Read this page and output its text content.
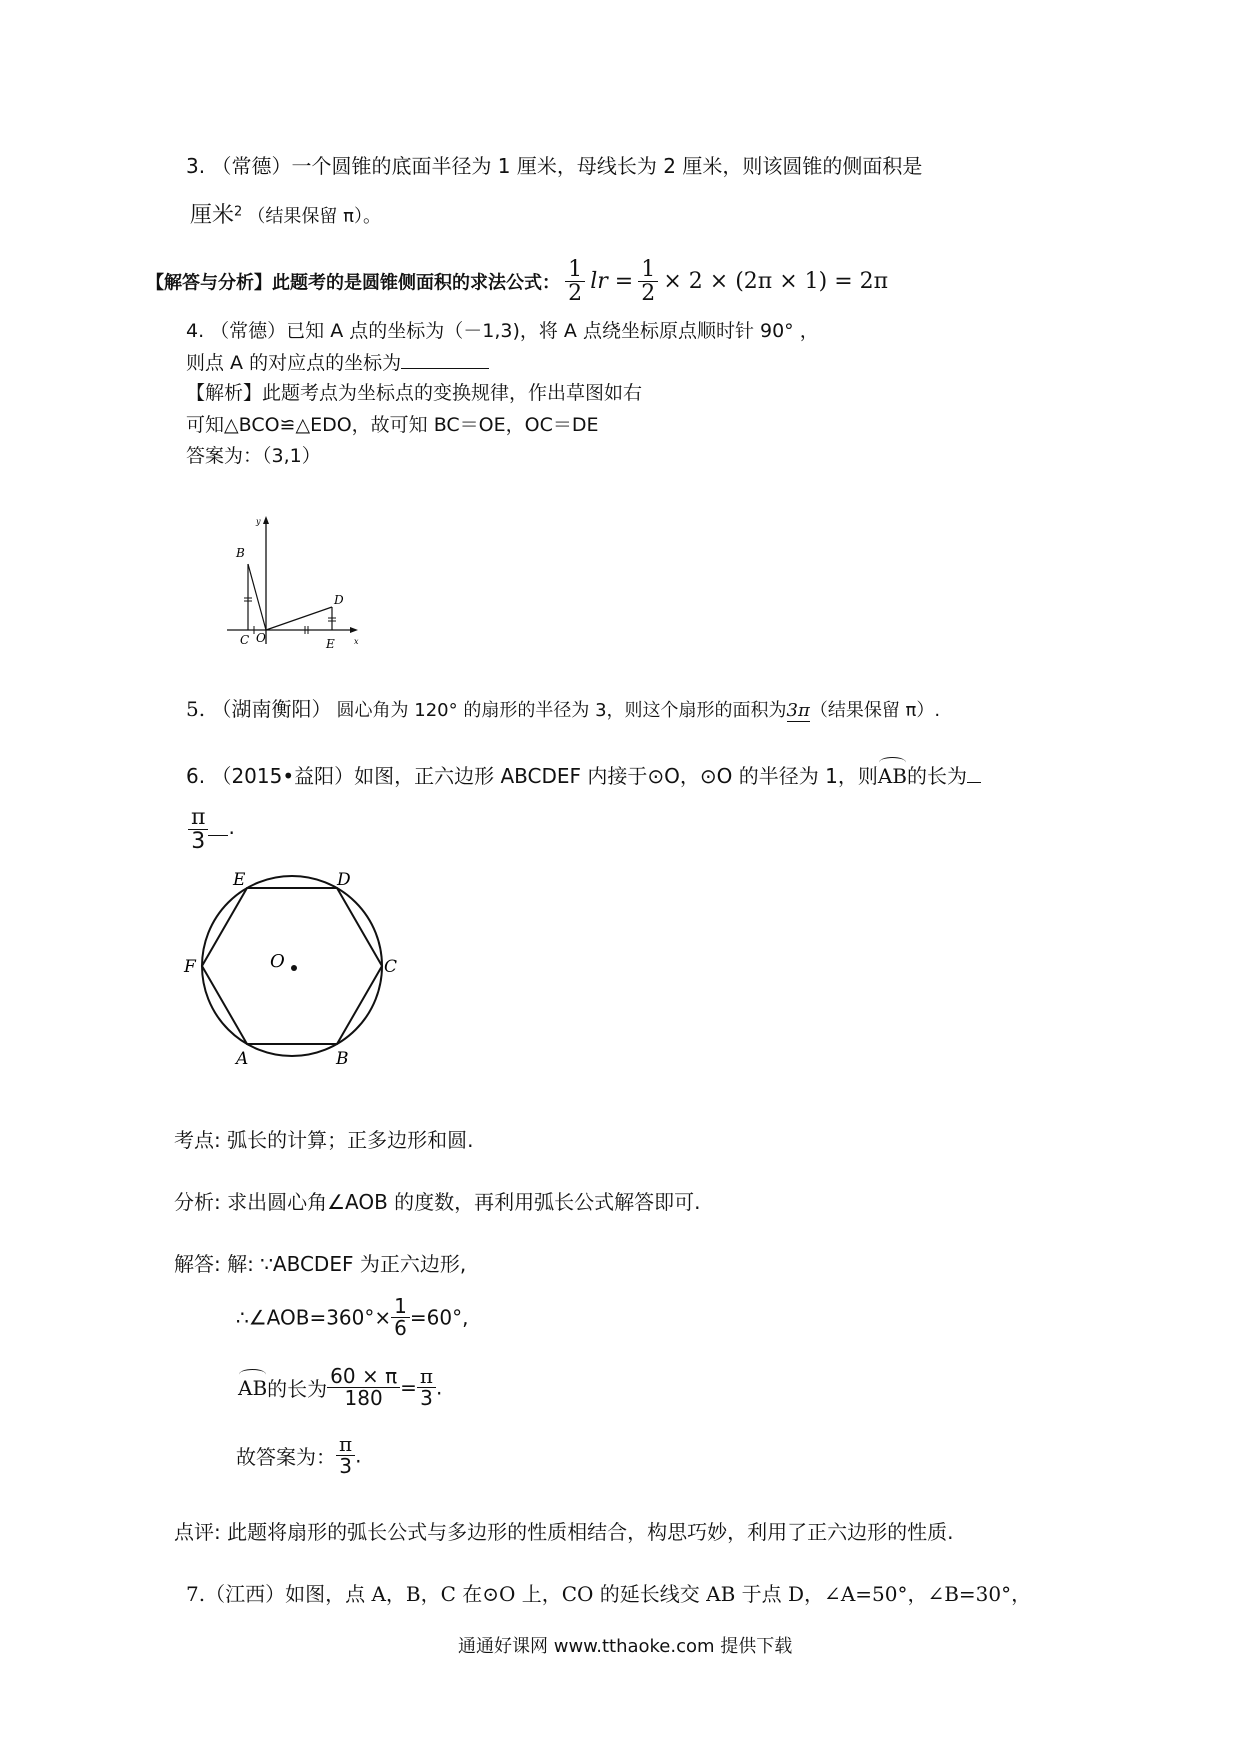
3. （常德）一个圆锥的底面半径为 1 厘米，母线长为 2 厘米，则该圆锥的侧面积是
厘米$^2$ （结果保留 π）。
【解答与分析】此题考的是圆锥侧面积的求法公式： $\frac{1}{2}$ lr = $\frac{1}{2} \times 2 \times (2\pi \times 1) = 2\pi$
4. （常德）已知 A 点的坐标为（－1,3)，将 A 点绕坐标原点顺时针 90° ，
则点 A 的对应点的坐标为
【解析】此题考点为坐标点的变换规律，作出草图如右
可知△BCO≌△EDO，故可知 BC＝OE，OC＝DE
答案为：（3,1）
B
C O
D
E
y
x
5. （湖南衡阳） 圆心角为 120° 的扇形的半径为 3，则这个扇形的面积为3π（结果保留 π）.
6. （2015•益阳）如图，正六边形 ABCDEF 内接于⊙O，⊙O 的半径为 1，则AB的长为
$\frac{\pi}{3}$ .
E	D
F	C
O
A	B
考点: 弧长的计算；正多边形和圆.
分析: 求出圆心角∠AOB 的度数，再利用弧长公式解答即可.
解答: 解: ∵ABCDEF 为正六边形,
∴∠AOB=360°× $\frac{1}{6} =60^\circ$,
AB的长为 $\frac{60 \times \pi}{180} = \frac{\pi}{3}$ .
故答案为： $\frac{\pi}{3}$ .
点评: 此题将扇形的弧长公式与多边形的性质相结合，构思巧妙，利用了正六边形的性质.
7.（江西）如图，点 A，B，C 在⊙O 上，CO 的延长线交 AB 于点 D，∠A=50°，∠B=30°，
通通好课网 www.tthaoke.com 提供下载
